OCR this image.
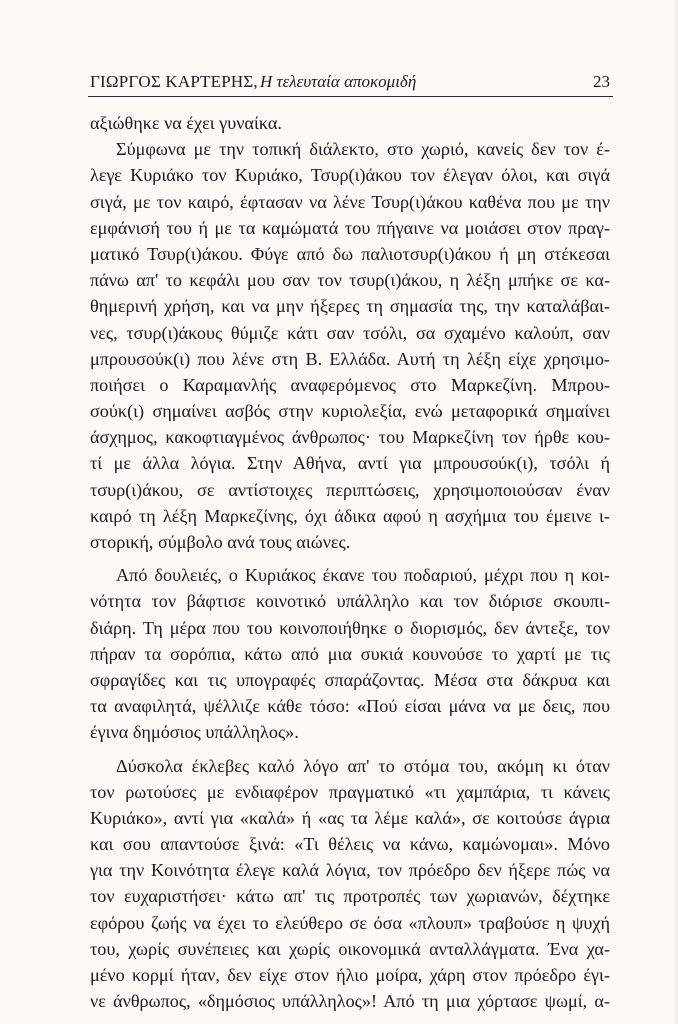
ΓΙΩΡΓΟΣ ΚΑΡΤΕΡΗΣ, Η τελευταία αποκομιδή	23
αξιώθηκε να έχει γυναίκα.
Σύμφωνα με την τοπική διάλεκτο, στο χωριό, κανείς δεν τον έ-
λεγε Κυριάκο τον Κυριάκο, Τσυρ(ι)άκου τον έλεγαν όλοι, και σιγά
σιγά, με τον καιρό, έφτασαν να λένε Τσυρ(ι)άκου καθένα που με την
εμφάνισή του ή με τα καμώματά του πήγαινε να μοιάσει στον πραγ-
ματικό Τσυρ(ι)άκου. Φύγε από δω παλιοτσυρ(ι)άκου ή μη στέκεσαι
πάνω απ' το κεφάλι μου σαν τον τσυρ(ι)άκου, η λέξη μπήκε σε κα-
θημερινή χρήση, και να μην ήξερες τη σημασία της, την καταλάβαι-
νες, τσυρ(ι)άκους θύμιζε κάτι σαν τσόλι, σα σχαμένο καλούπ, σαν
μπρουσούκ(ι) που λένε στη Β. Ελλάδα. Αυτή τη λέξη είχε χρησιμο-
ποιήσει ο Καραμανλής αναφερόμενος στο Μαρκεζίνη. Μπρου-
σούκ(ι) σημαίνει ασβός στην κυριολεξία, ενώ μεταφορικά σημαίνει
άσχημος, κακοφτιαγμένος άνθρωπος· του Μαρκεζίνη τον ήρθε κου-
τί με άλλα λόγια. Στην Αθήνα, αντί για μπρουσούκ(ι), τσόλι ή
τσυρ(ι)άκου, σε αντίστοιχες περιπτώσεις, χρησιμοποιούσαν έναν
καιρό τη λέξη Μαρκεζίνης, όχι άδικα αφού η ασχήμια του έμεινε ι-
στορική, σύμβολο ανά τους αιώνες.
Από δουλειές, ο Κυριάκος έκανε του ποδαριού, μέχρι που η κοι-
νότητα τον βάφτισε κοινοτικό υπάλληλο και τον διόρισε σκουπι-
διάρη. Τη μέρα που του κοινοποιήθηκε ο διορισμός, δεν άντεξε, τον
πήραν τα σορόπια, κάτω από μια συκιά κουνούσε το χαρτί με τις
σφραγίδες και τις υπογραφές σπαράζοντας. Μέσα στα δάκρυα και
τα αναφιλητά, ψέλλιζε κάθε τόσο: «Πού είσαι μάνα να με δεις, που
έγινα δημόσιος υπάλληλος».
Δύσκολα έκλεβες καλό λόγο απ' το στόμα του, ακόμη κι όταν
τον ρωτούσες με ενδιαφέρον πραγματικό «τι χαμπάρια, τι κάνεις
Κυριάκο», αντί για «καλά» ή «ας τα λέμε καλά», σε κοιτούσε άγρια
και σου απαντούσε ξινά: «Τι θέλεις να κάνω, καμώνομαι». Μόνο
για την Κοινότητα έλεγε καλά λόγια, τον πρόεδρο δεν ήξερε πώς να
τον ευχαριστήσει· κάτω απ' τις προτροπές των χωριανών, δέχτηκε
εφόρου ζωής να έχει το ελεύθερο σε όσα «πλουπ» τραβούσε η ψυχή
του, χωρίς συνέπειες και χωρίς οικονομικά ανταλλάγματα. Ένα χα-
μένο κορμί ήταν, δεν είχε στον ήλιο μοίρα, χάρη στον πρόεδρο έγι-
νε άνθρωπος, «δημόσιος υπάλληλος»! Από τη μια χόρτασε ψωμί, α-
